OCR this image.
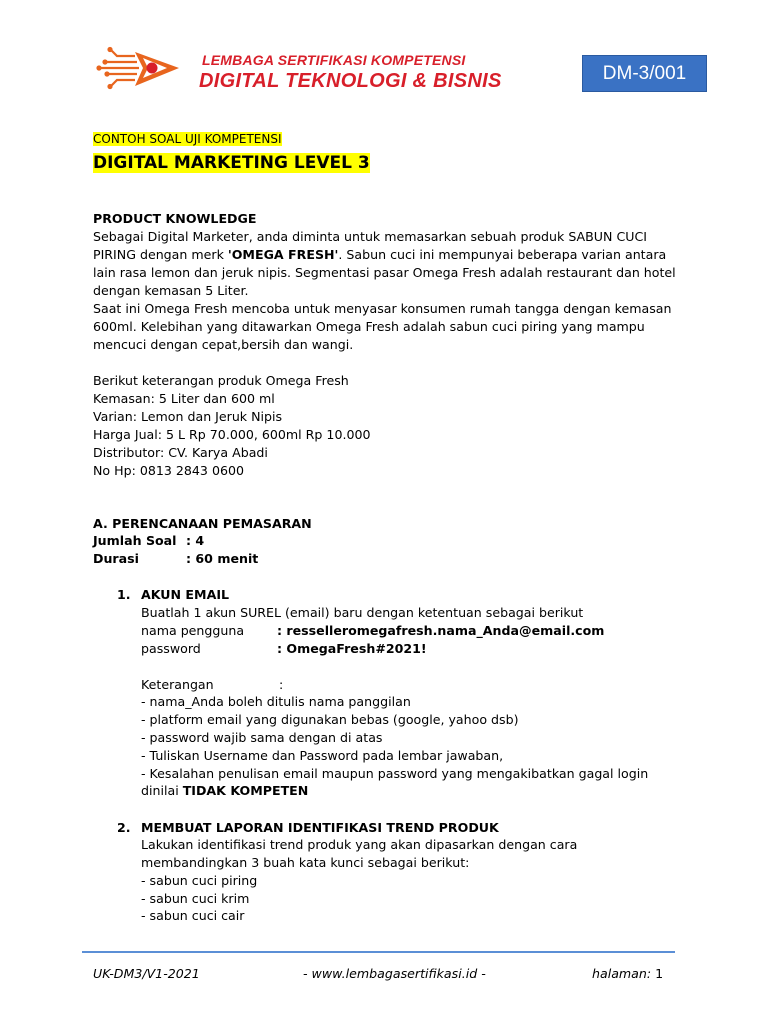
LEMBAGA SERTIFIKASI KOMPETENSI
DIGITAL TEKNOLOGI & BISNIS	DM-3/001
CONTOH SOAL UJI KOMPETENSI
DIGITAL MARKETING LEVEL 3
PRODUCT KNOWLEDGE
Sebagai Digital Marketer, anda diminta untuk memasarkan sebuah produk SABUN CUCI
PIRING dengan merk 'OMEGA FRESH'. Sabun cuci ini mempunyai beberapa varian antara
lain rasa lemon dan jeruk nipis. Segmentasi pasar Omega Fresh adalah restaurant dan hotel
dengan kemasan 5 Liter.
Saat ini Omega Fresh mencoba untuk menyasar konsumen rumah tangga dengan kemasan
600ml. Kelebihan yang ditawarkan Omega Fresh adalah sabun cuci piring yang mampu
mencuci dengan cepat,bersih dan wangi.
Berikut keterangan produk Omega Fresh
Kemasan: 5 Liter dan 600 ml
Varian: Lemon dan Jeruk Nipis
Harga Jual: 5 L Rp 70.000, 600ml Rp 10.000
Distributor: CV. Karya Abadi
No Hp: 0813 2843 0600
A. PERENCANAAN PEMASARAN
Jumlah Soal : 4
Durasi	: 60 menit
1. AKUN EMAIL
Buatlah 1 akun SUREL (email) baru dengan ketentuan sebagai berikut
nama pengguna	: resselleromegafresh.nama_Anda@email.com
password	: OmegaFresh#2021!
Keterangan	:
- nama_Anda boleh ditulis nama panggilan
- platform email yang digunakan bebas (google, yahoo dsb)
- password wajib sama dengan di atas
- Tuliskan Username dan Password pada lembar jawaban,
- Kesalahan penulisan email maupun password yang mengakibatkan gagal login
dinilai TIDAK KOMPETEN
2. MEMBUAT LAPORAN IDENTIFIKASI TREND PRODUK
Lakukan identifikasi trend produk yang akan dipasarkan dengan cara
membandingkan 3 buah kata kunci sebagai berikut:
- sabun cuci piring
- sabun cuci krim
- sabun cuci cair
UK-DM3/V1-2021	- www.lembagasertifikasi.id -	halaman: 1
